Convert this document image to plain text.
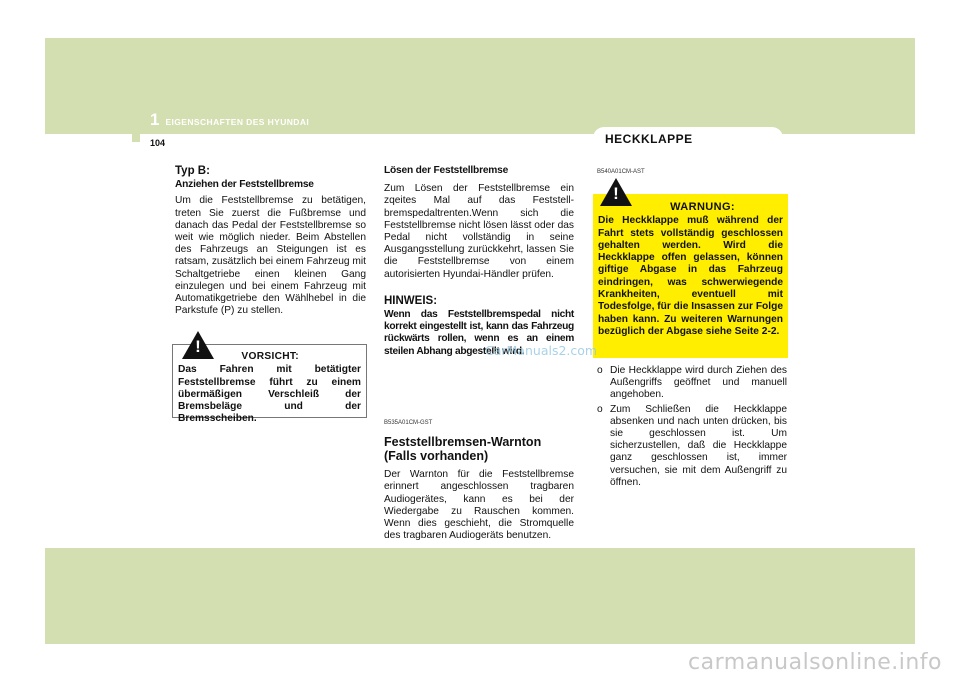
1 EIGENSCHAFTEN DES HYUNDAI
104	HECKKLAPPE

Typ B:

Anziehen der Feststellbremse

Um die Feststellbremse zu betätigen, treten Sie zuerst die Fußbremse und danach das Pedal der Feststellbremse so weit wie möglich nieder. Beim Abstellen des Fahrzeugs an Steigungen ist es ratsam, zusätzlich bei einem Fahrzeug mit Schaltgetriebe einen kleinen Gang einzulegen und bei einem Fahrzeug mit Automatikgetriebe den Wählhebel in die Parkstufe (P) zu stellen.

VORSICHT:
Das Fahren mit betätigter Feststellbremse führt zu einem übermäßigen Verschleiß der Bremsbeläge und der Bremsscheiben.
!

Lösen der Feststellbremse

Zum Lösen der Feststellbremse ein zqeites Mal auf das Feststell-bremspedaltrenten.Wenn sich die Feststellbremse nicht lösen lässt oder das Pedal nicht vollständig in seine Ausgangsstellung zurückkehrt, lassen Sie die Feststellbremse von einem autorisierten Hyundai-Händler prüfen.

HINWEIS:

Wenn das Feststellbremspedal nicht korrekt eingestellt ist, kann das Fahrzeug rückwärts rollen, wenn es an einem steilen Abhang abgestellt wird.

B535A01CM-GST

Feststellbremsen-Warnton (Falls vorhanden)

Der Warnton für die Feststellbremse erinnert angeschlossen tragbaren Audiogerätes, kann es bei der Wiedergabe zu Rauschen kommen. Wenn dies geschieht, die Stromquelle des tragbaren Audiogeräts benutzen.

B540A01CM-AST

WARNUNG:
Die Heckklappe muß während der Fahrt stets vollständig geschlossen gehalten werden. Wird die Heckklappe offen gelassen, können giftige Abgase in das Fahrzeug eindringen, was schwerwiegende Krankheiten, eventuell mit Todesfolge, für die Insassen zur Folge haben kann. Zu weiteren Warnungen bezüglich der Abgase siehe Seite 2-2.
!
o Die Heckklappe wird durch Ziehen des Außengriffs geöffnet und manuell angehoben.
o Zum Schließen die Heckklappe absenken und nach unten drücken, bis sie geschlossen ist. Um sicherzustellen, daß die Heckklappe ganz geschlossen ist, immer versuchen, sie mit dem Außengriff zu öffnen.
CarManuals2.com
carmanualsonline.info
